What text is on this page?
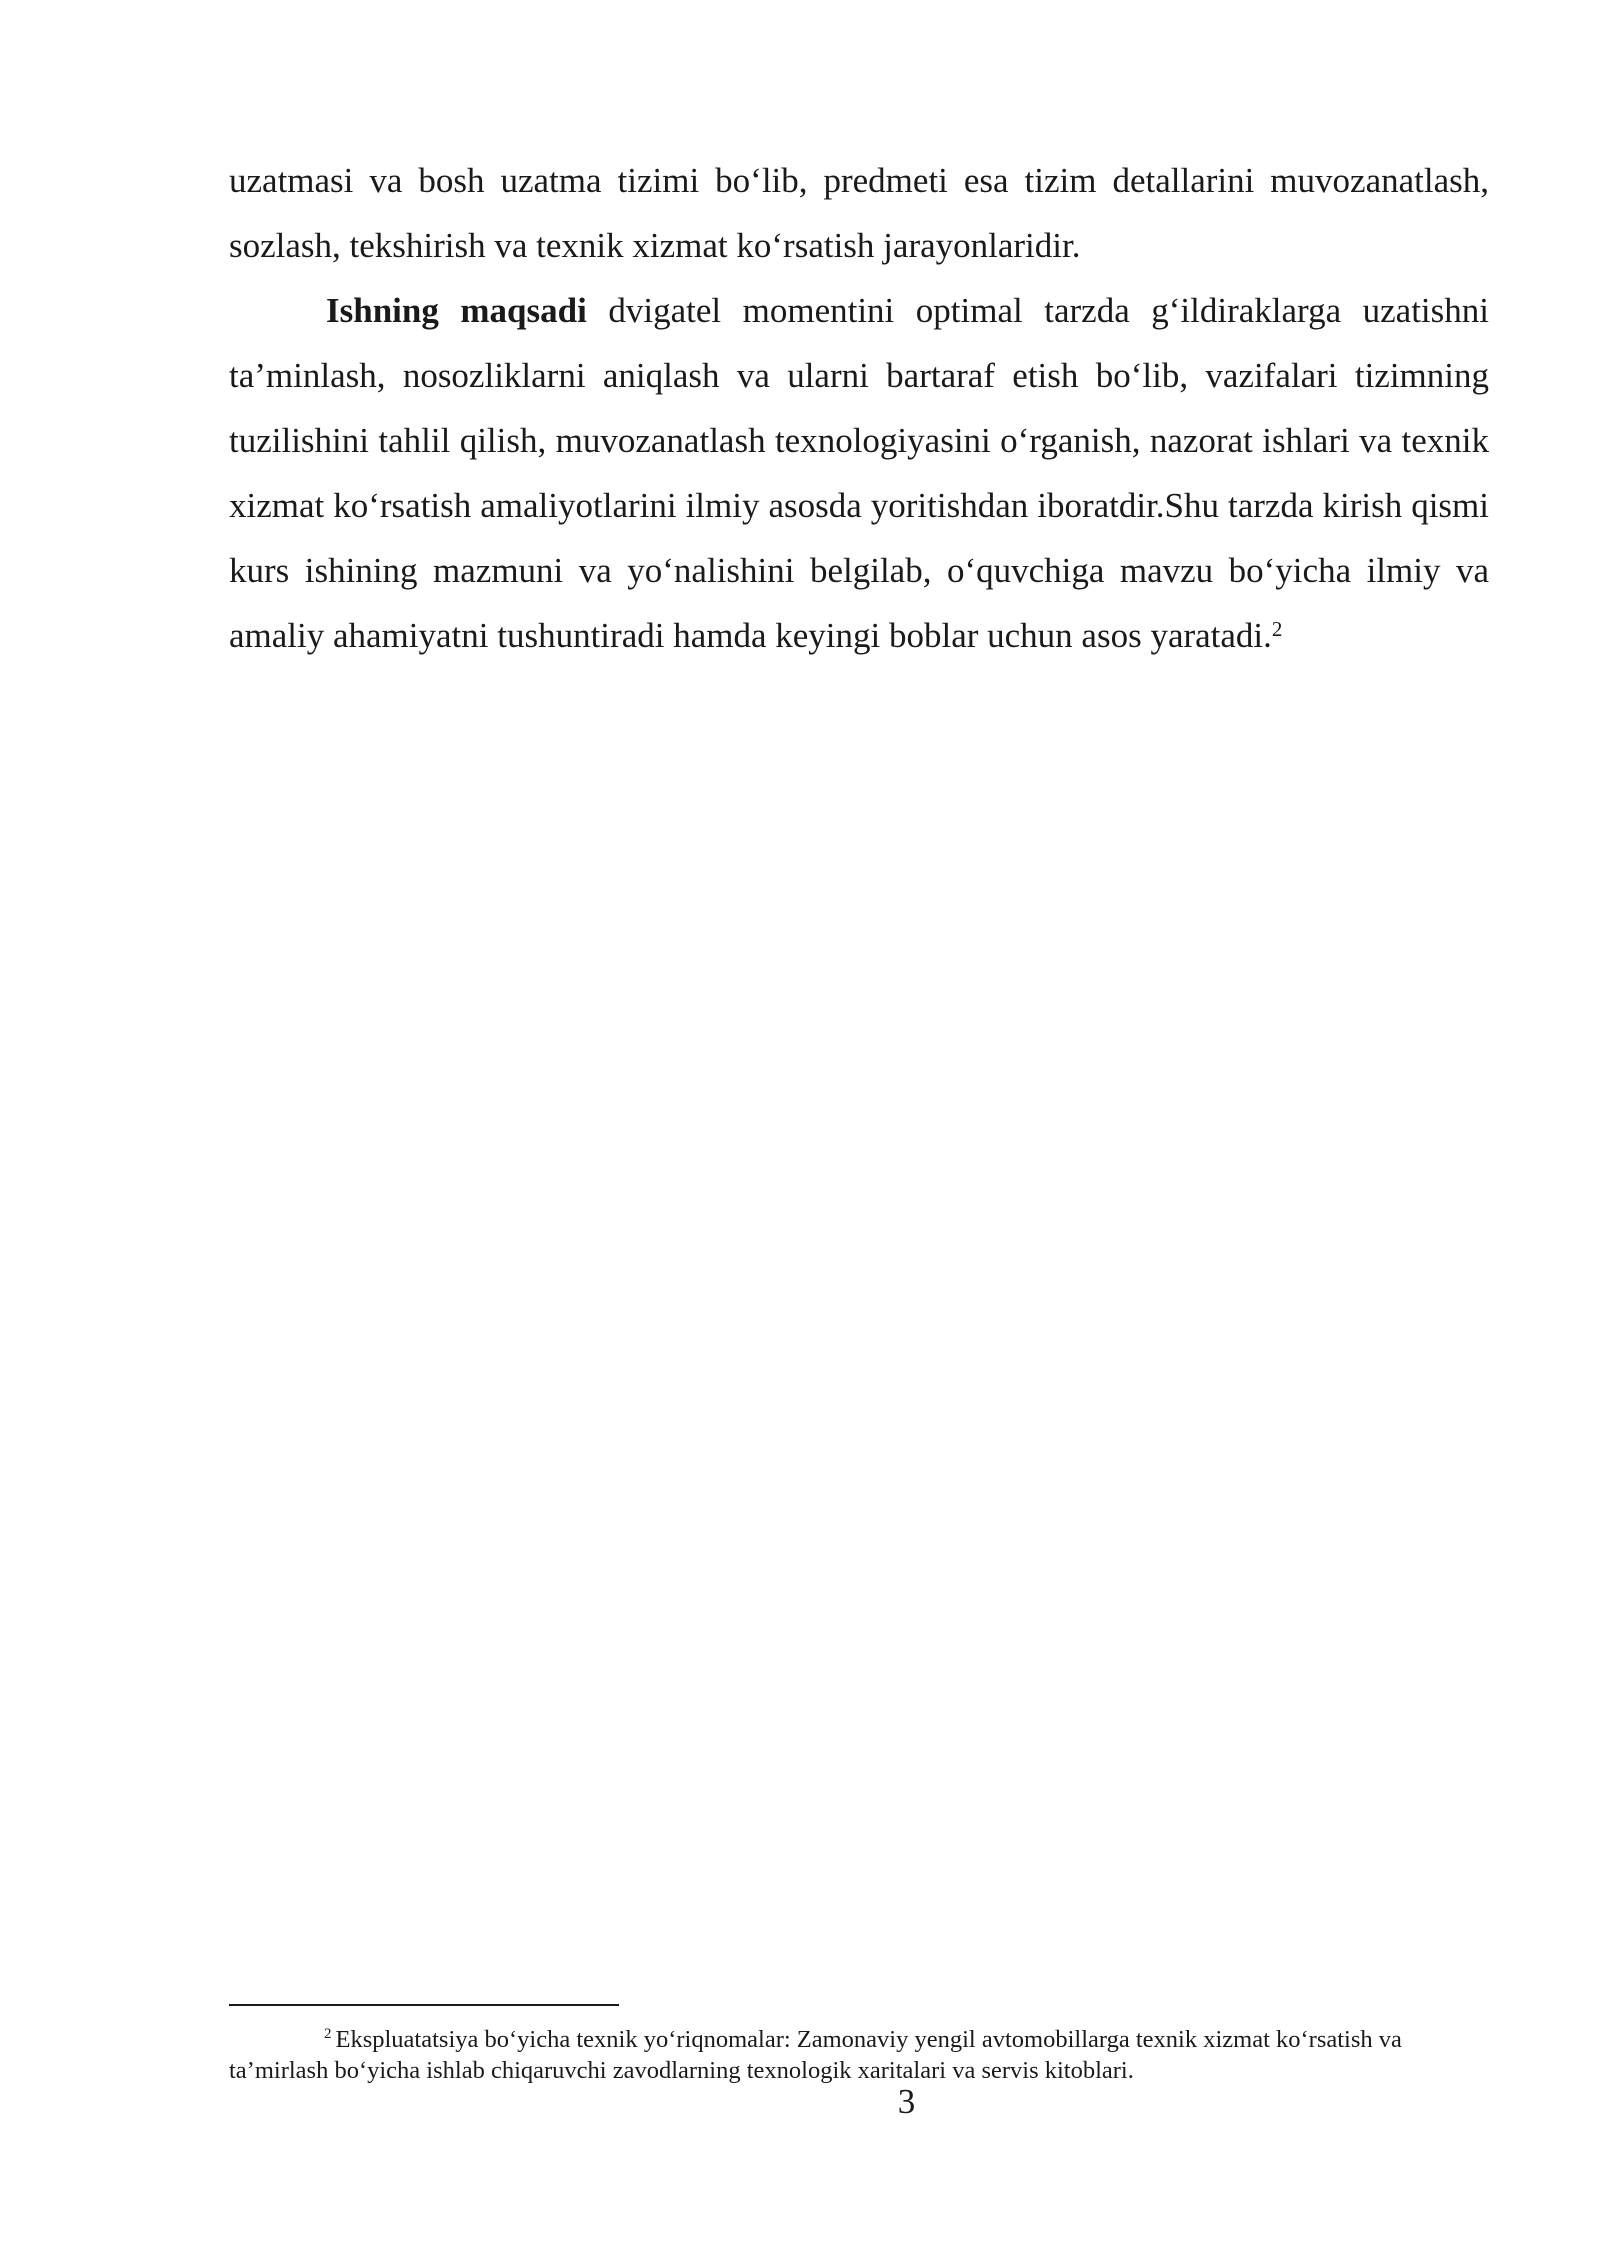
uzatmasi va bosh uzatma tizimi bo‘lib, predmeti esa tizim detallarini muvozanatlash, sozlash, tekshirish va texnik xizmat ko‘rsatish jarayonlaridir.

Ishning maqsadi dvigatel momentini optimal tarzda g‘ildiraklarga uzatishni ta’minlash, nosozliklarni aniqlash va ularni bartaraf etish bo‘lib, vazifalari tizimning tuzilishini tahlil qilish, muvozanatlash texnologiyasini o‘rganish, nazorat ishlari va texnik xizmat ko‘rsatish amaliyotlarini ilmiy asosda yoritishdan iboratdir.Shu tarzda kirish qismi kurs ishining mazmuni va yo‘nalishini belgilab, o‘quvchiga mavzu bo‘yicha ilmiy va amaliy ahamiyatni tushuntiradi hamda keyingi boblar uchun asos yaratadi.$^2$

$^2$ Ekspluatatsiya bo‘yicha texnik yo‘riqnomalar: Zamonaviy yengil avtomobillarga texnik xizmat ko‘rsatish va ta’mirlash bo‘yicha ishlab chiqaruvchi zavodlarning texnologik xaritalari va servis kitoblari.

3
